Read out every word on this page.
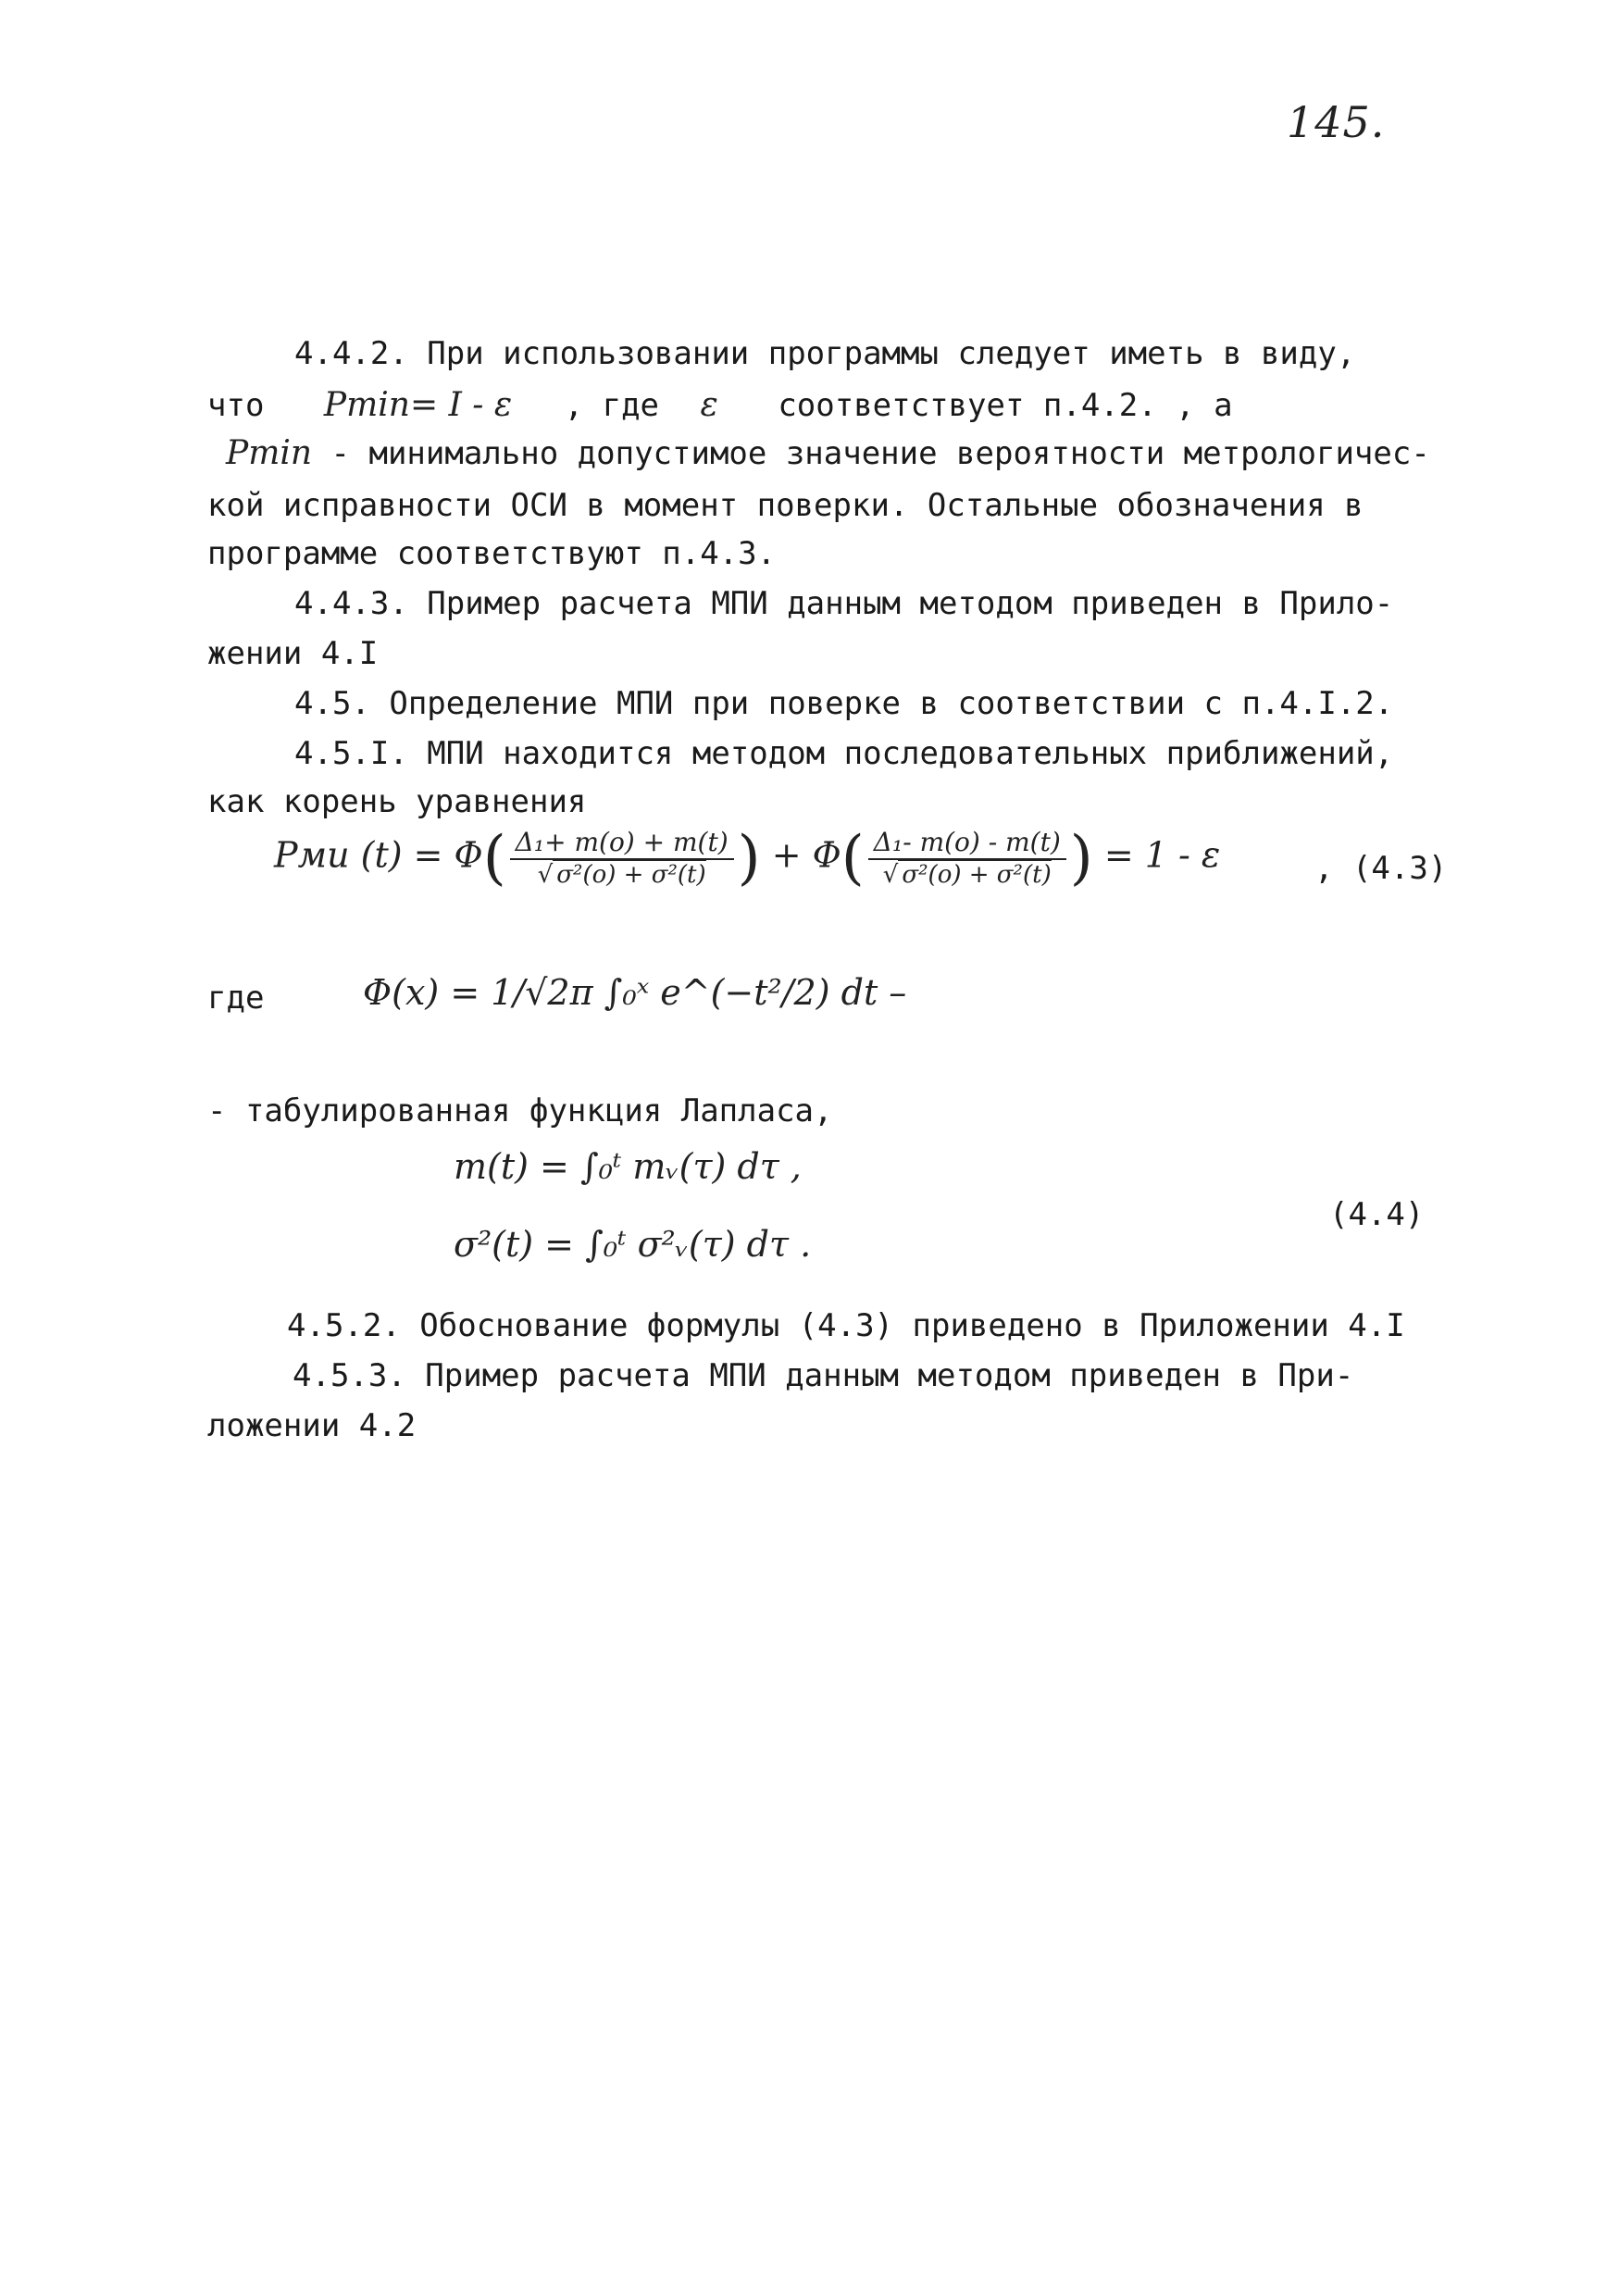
145.
4.4.2. При использовании программы следует иметь в виду,
что Pmin= I - ε , где ε соответствует п.4.2. , а
Pmin - минимально допустимое значение вероятности метрологичес-
кой исправности ОСИ в момент поверки. Остальные обозначения в
программе соответствуют п.4.3.
4.4.3. Пример расчета МПИ данным методом приведен в Прило-
жении 4.I
4.5. Определение МПИ при поверке в соответствии с п.4.I.2.
4.5.I. МПИ находится методом последовательных приближений,
как корень уравнения
Pми $(t) = \Phi( \frac{\text{Δ₁+ m(o) + m(t)}}{\text{√ σ²(o) + σ²(t)}}$ ) + $\Phi( \frac{\text{Δ₁- m(o) - m(t)}}{\text{√ σ²(o) + σ²(t)}}$ ) = 1 - ε	, (4.3)
где	Φ(x) = 1/√2π ∫₀ˣ e^(−t²/2) dt –
- табулированная функция Лапласа,
m(t) = ∫₀ᵗ mᵥ(τ) dτ ,
σ²(t) = ∫₀ᵗ σ²ᵥ(τ) dτ .
(4.4)
4.5.2. Обоснование формулы (4.3) приведено в Приложении 4.I
4.5.3. Пример расчета МПИ данным методом приведен в При-
ложении 4.2
